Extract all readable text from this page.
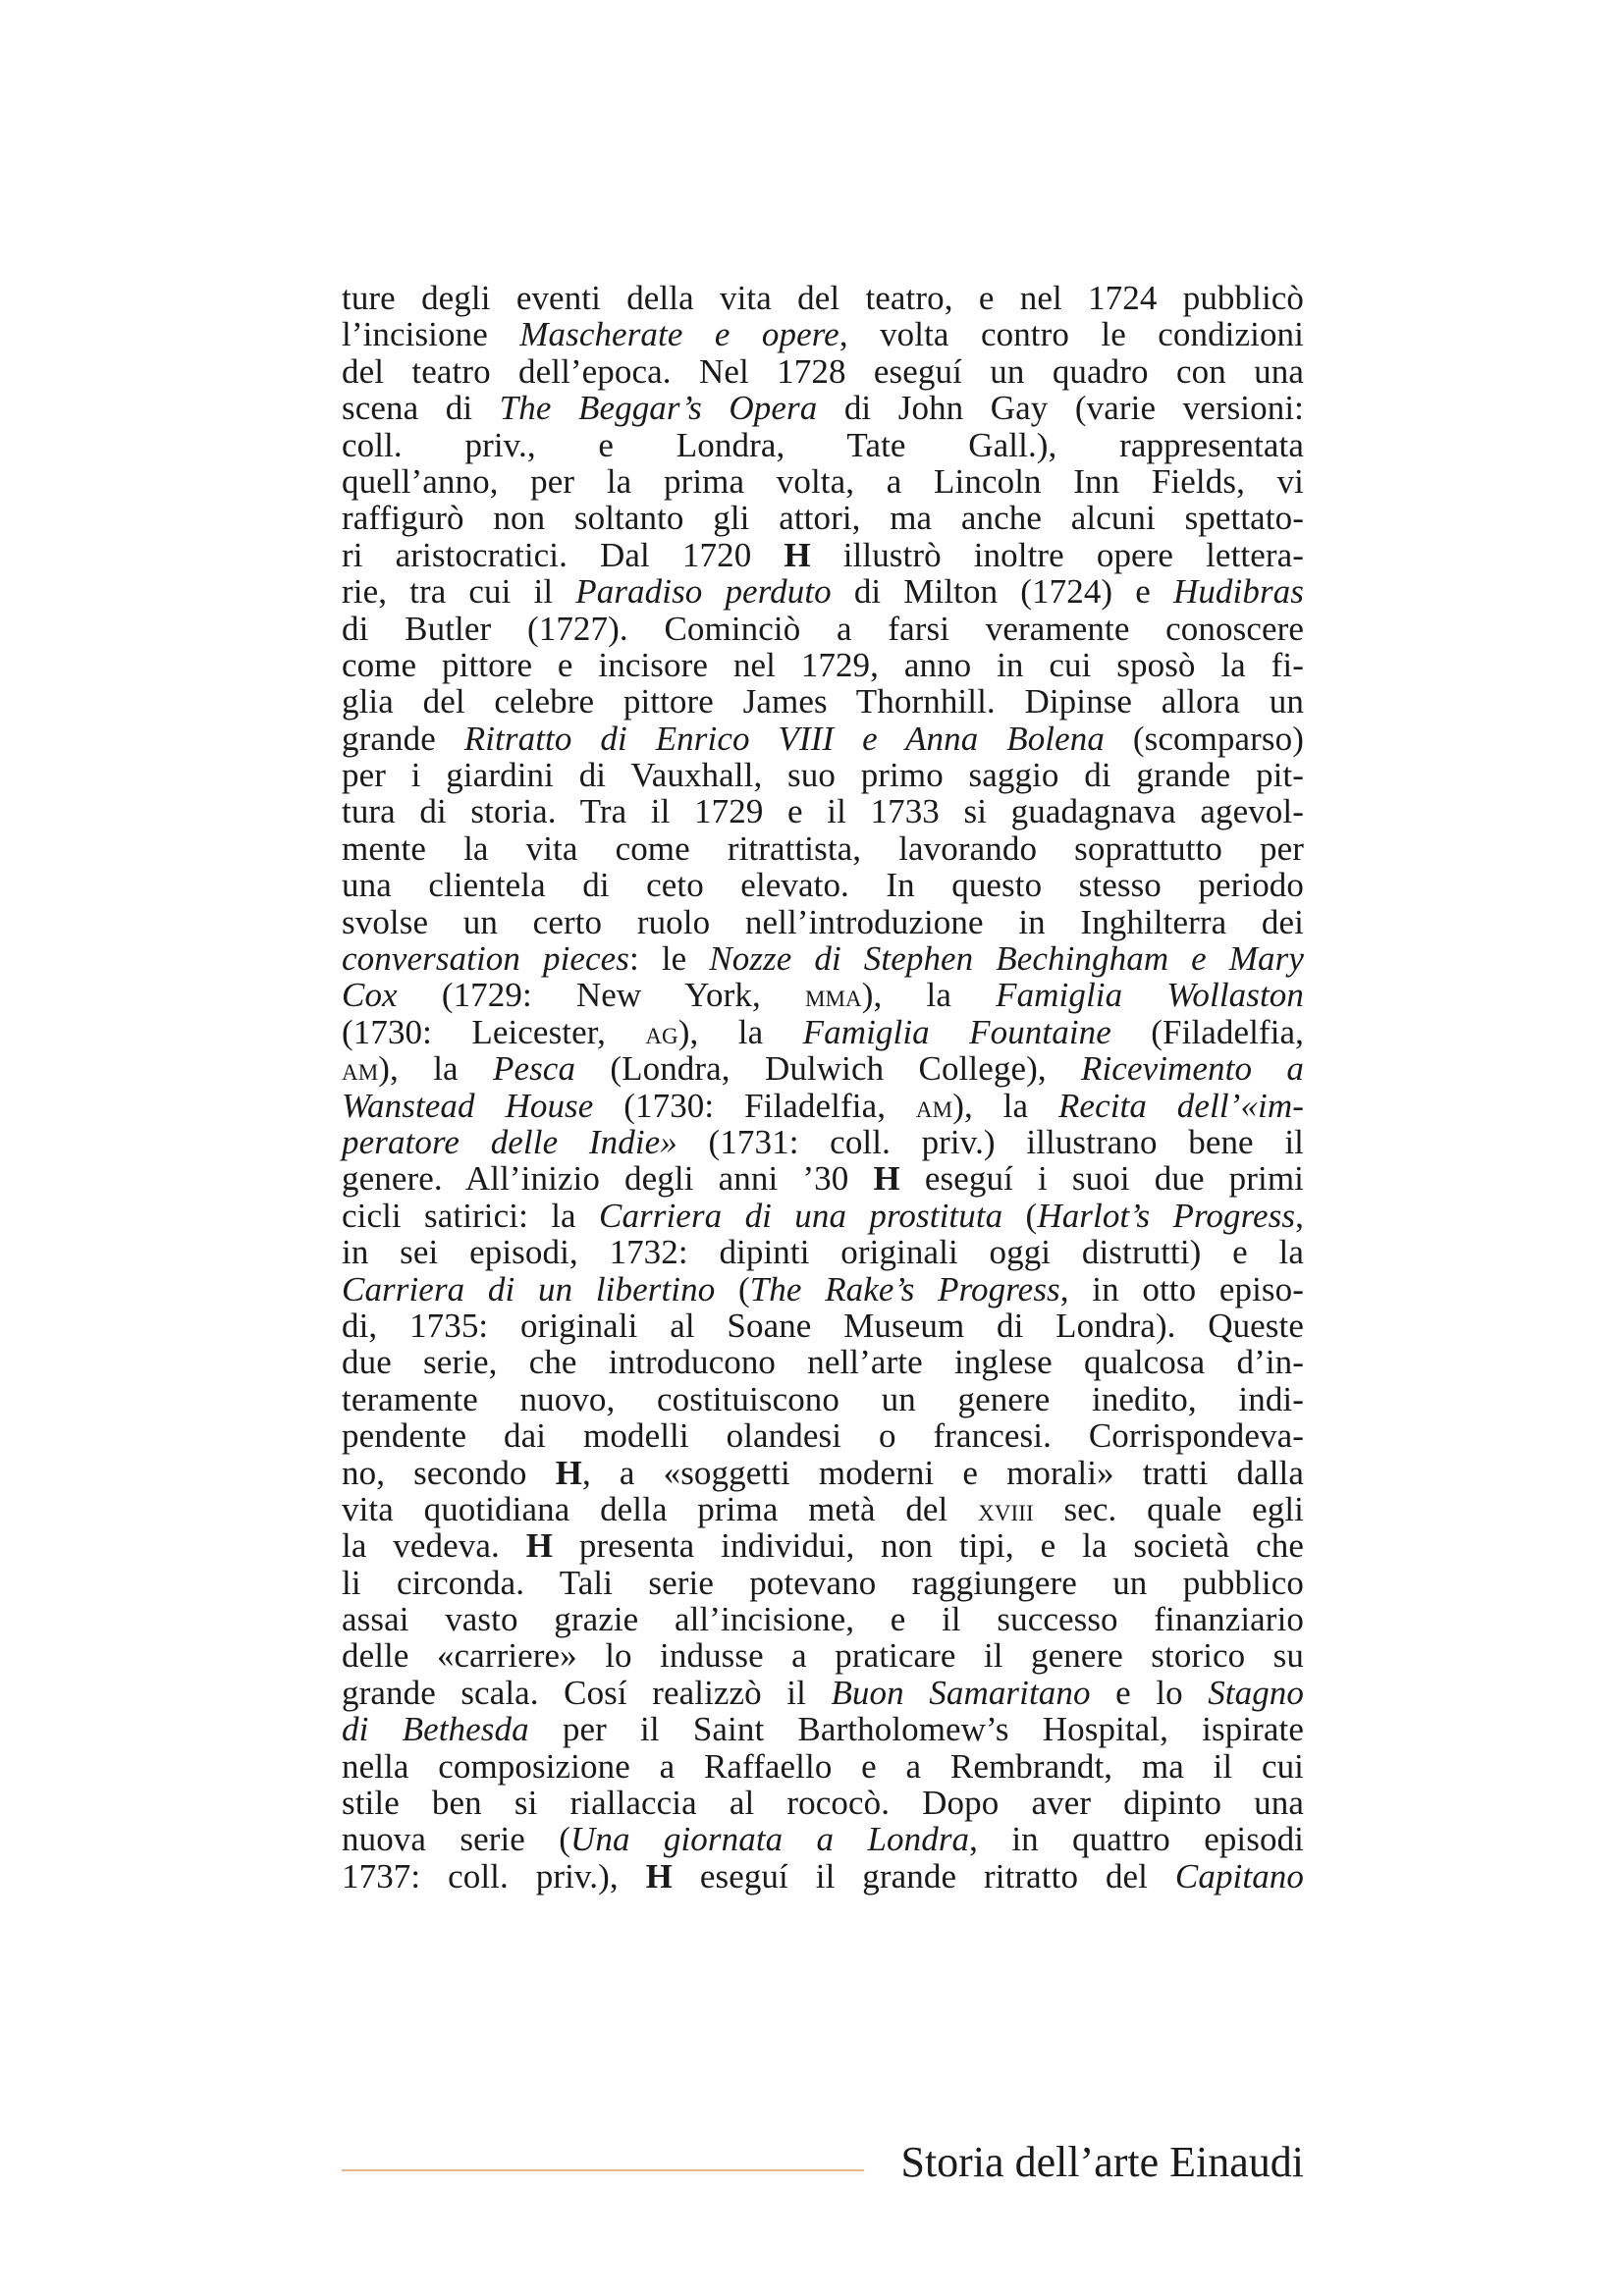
ture degli eventi della vita del teatro, e nel 1724 pubblicò
l’incisione Mascherate e opere, volta contro le condizioni
del teatro dell’epoca. Nel 1728 eseguí un quadro con una
scena di The Beggar’s Opera di John Gay (varie versioni:
coll. priv., e Londra, Tate Gall.), rappresentata
quell’anno, per la prima volta, a Lincoln Inn Fields, vi
raffigurò non soltanto gli attori, ma anche alcuni spettato-
ri aristocratici. Dal 1720 H illustrò inoltre opere lettera-
rie, tra cui il Paradiso perduto di Milton (1724) e Hudibras
di Butler (1727). Cominciò a farsi veramente conoscere
come pittore e incisore nel 1729, anno in cui sposò la fi-
glia del celebre pittore James Thornhill. Dipinse allora un
grande Ritratto di Enrico VIII e Anna Bolena (scomparso)
per i giardini di Vauxhall, suo primo saggio di grande pit-
tura di storia. Tra il 1729 e il 1733 si guadagnava agevol-
mente la vita come ritrattista, lavorando soprattutto per
una clientela di ceto elevato. In questo stesso periodo
svolse un certo ruolo nell’introduzione in Inghilterra dei
conversation pieces: le Nozze di Stephen Bechingham e Mary
Cox (1729: New York, mma), la Famiglia Wollaston
(1730: Leicester, ag), la Famiglia Fountaine (Filadelfia,
am), la Pesca (Londra, Dulwich College), Ricevimento a
Wanstead House (1730: Filadelfia, am), la Recita dell’«im-
peratore delle Indie» (1731: coll. priv.) illustrano bene il
genere. All’inizio degli anni ’30 H eseguí i suoi due primi
cicli satirici: la Carriera di una prostituta (Harlot’s Progress,
in sei episodi, 1732: dipinti originali oggi distrutti) e la
Carriera di un libertino (The Rake’s Progress, in otto episo-
di, 1735: originali al Soane Museum di Londra). Queste
due serie, che introducono nell’arte inglese qualcosa d’in-
teramente nuovo, costituiscono un genere inedito, indi-
pendente dai modelli olandesi o francesi. Corrispondeva-
no, secondo H, a «soggetti moderni e morali» tratti dalla
vita quotidiana della prima metà del xviii sec. quale egli
la vedeva. H presenta individui, non tipi, e la società che
li circonda. Tali serie potevano raggiungere un pubblico
assai vasto grazie all’incisione, e il successo finanziario
delle «carriere» lo indusse a praticare il genere storico su
grande scala. Cosí realizzò il Buon Samaritano e lo Stagno
di Bethesda per il Saint Bartholomew’s Hospital, ispirate
nella composizione a Raffaello e a Rembrandt, ma il cui
stile ben si riallaccia al rococò. Dopo aver dipinto una
nuova serie (Una giornata a Londra, in quattro episodi
1737: coll. priv.), H eseguí il grande ritratto del Capitano
Storia dell’arte Einaudi
